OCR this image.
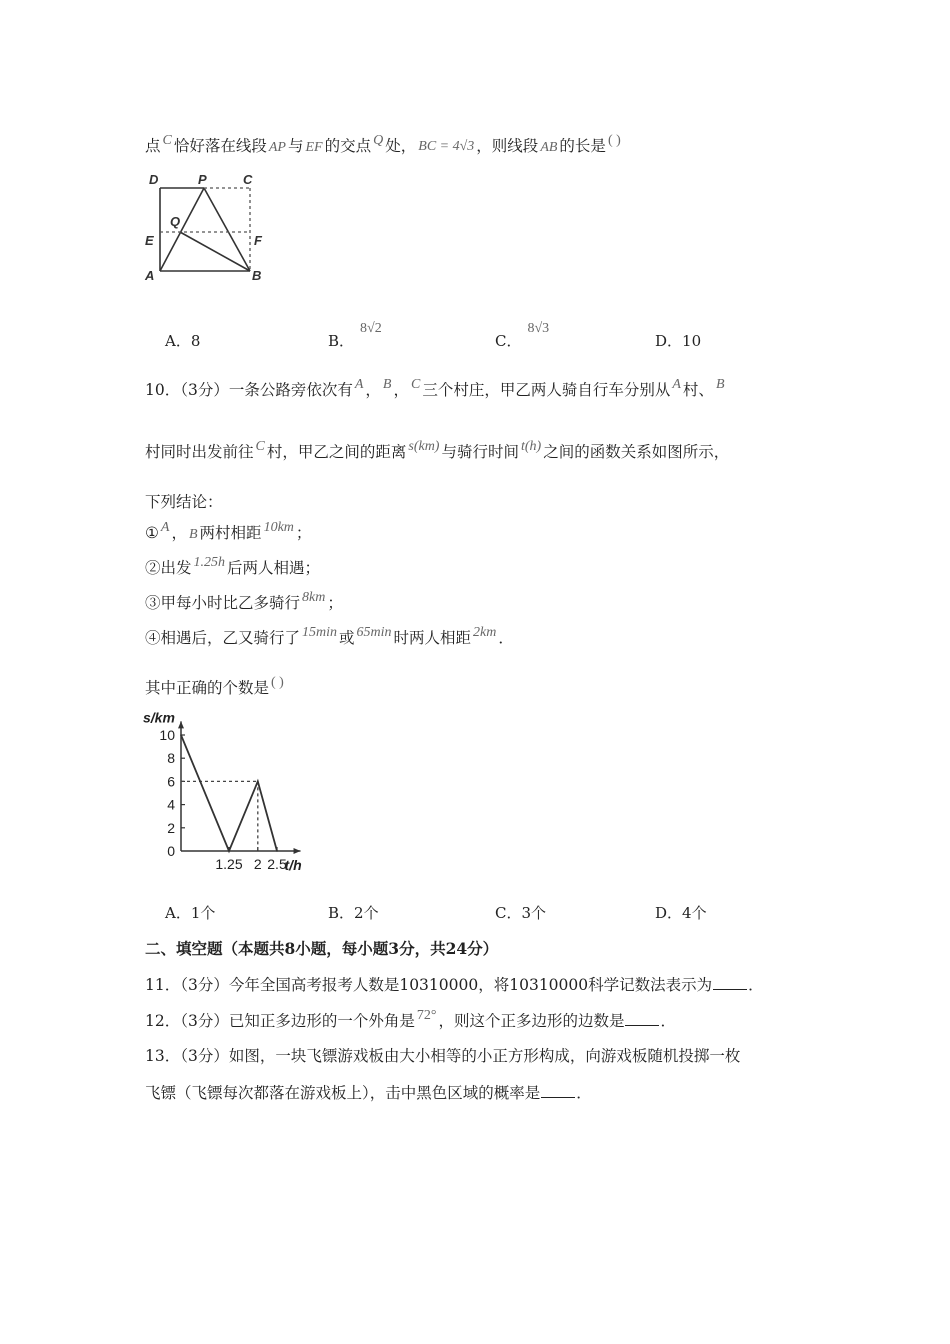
点 C 恰好落在线段 AP 与 EF 的交点 Q 处， BC = 4√3 ，则线段 AB 的长是 ( )
D	P	C
Q
E	F
A	B
A．8	B．8√2
C．8√3
D．10
10．（3分）一条公路旁依次有 A ， B ， C 三个村庄，甲乙两人骑自行车分别从 A 村、 B
村同时出发前往 C 村，甲乙之间的距离 s(km) 与骑行时间 t(h) 之间的函数关系如图所示，
下列结论：
① A ， B 两村相距 10km ；
②出发 1.25h 后两人相遇；
③甲每小时比乙多骑行 8km ；
④相遇后，乙又骑行了 15min 或 65min 时两人相距 2km ．
其中正确的个数是 ( )
0
2
4
6
8
10
1.25 2 2.5
s/km
t/h
A．1个	B．2个	C．3个	D．4个
二、填空题（本题共8小题，每小题3分，共24分）
11．（3分）今年全国高考报考人数是10310000，将10310000科学记数法表示为 ．
12．（3分）已知正多边形的一个外角是 72° ，则这个正多边形的边数是 ．
13．（3分）如图，一块飞镖游戏板由大小相等的小正方形构成，向游戏板随机投掷一枚
飞镖（飞镖每次都落在游戏板上），击中黑色区域的概率是 ．
